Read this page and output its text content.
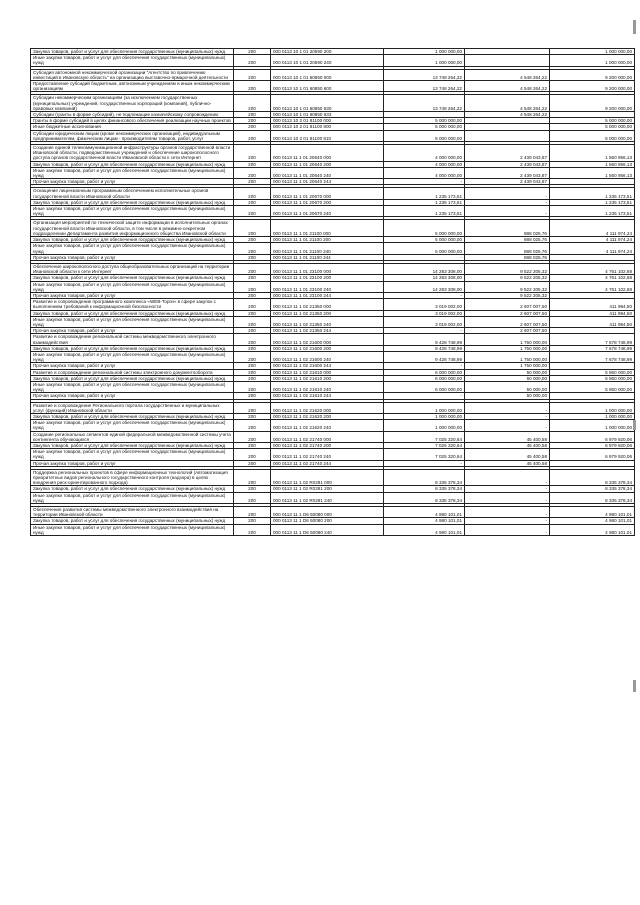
Закупка товаров, работ и услуг для обеспечения государственных (муниципальных) нужд	200	000 0113 10 1 01 20590 200	1 000 000,00		1 000 000,00
Иные закупки товаров, работ и услуг для обеспечения государственных (муниципальных) нужд	200	000 0113 10 1 01 20590 240	1 000 000,00		1 000 000,00

Субсидия автономной некоммерческой организации "Агентство по привлечению инвестиций в Ивановскую область" на организацию выставочно-ярмарочной деятельности	200	000 0113 10 1 01 60850 000	13 748 264,22	4 548 264,22	9 200 000,00
Предоставление субсидий бюджетным, автономным учреждениям и иным некоммерческим организациям	200	000 0113 10 1 01 60850 600	13 748 264,22	4 548 264,22	9 200 000,00

Субсидии некоммерческим организациям (за исключением государственных (муниципальных) учреждений, государственных корпораций (компаний), публично-правовых компаний)	200	000 0113 10 1 01 60850 630	13 748 264,22	4 548 264,22	9 200 000,00
Субсидии (гранты в форме субсидий), не подлежащие казначейскому сопровождению	200	000 0113 10 1 01 60850 633		4 548 264,22	
Гранты в форме субсидий в целях финансового обеспечения реализации научных проектов	200	000 0113 10 2 01 81100 000	5 000 000,00		5 000 000,00
Иные бюджетные ассигнования	200	000 0113 10 2 01 81100 800	5 000 000,00		5 000 000,00
Субсидии юридическим лицам (кроме некоммерческих организаций), индивидуальным предпринимателям, физическим лицам - производителям товаров, работ, услуг	200	000 0113 10 2 01 81100 810	5 000 000,00		5 000 000,00

Создание единой телекоммуникационной инфраструктуры органов государственной власти Ивановской области, подведомственных учреждений и обеспечение широкополосного доступа органов государственной власти Ивановской области к сети Интернет	200	000 0113 11 1 01 20640 000	4 000 000,00	2 439 043,87	1 560 956,13
Закупка товаров, работ и услуг для обеспечения государственных (муниципальных) нужд	200	000 0113 11 1 01 20640 200	4 000 000,00	2 439 043,87	1 560 956,13
Иные закупки товаров, работ и услуг для обеспечения государственных (муниципальных) нужд	200	000 0113 11 1 01 20640 240	4 000 000,00	2 439 043,87	1 560 956,13
Прочая закупка товаров, работ и услуг	200	000 0113 11 1 01 20640 244	-	2 439 043,87	

Оснащение лицензионным программным обеспечением исполнительных органов государственной власти Ивановской области	200	000 0113 11 1 01 20670 000	1 235 173,51	-	1 235 173,51
Закупка товаров, работ и услуг для обеспечения государственных (муниципальных) нужд	200	000 0113 11 1 01 20670 200	1 235 173,51	-	1 235 173,51
Иные закупки товаров, работ и услуг для обеспечения государственных (муниципальных) нужд	200	000 0113 11 1 01 20670 240	1 235 173,51	-	1 235 173,51

Организация мероприятий по технической защите информации в исполнительных органах государственной власти Ивановской области, в том числе в режимно-секретном подразделении Департамента развития информационного общества Ивановской области	200	000 0113 11 1 01 21100 000	5 000 000,00	888 025,76	4 111 974,24
Закупка товаров, работ и услуг для обеспечения государственных (муниципальных) нужд	200	000 0113 11 1 01 21100 200	5 000 000,00	888 025,76	4 111 974,24
Иные закупки товаров, работ и услуг для обеспечения государственных (муниципальных) нужд	200	000 0113 11 1 01 21100 240	5 000 000,00	888 025,76	4 111 974,24
Прочая закупка товаров, работ и услуг	200	000 0113 11 1 01 21100 244	-	888 025,76	

Обеспечение широкополосного доступа общеобразовательных организаций на территории Ивановской области к сети Интернет	200	000 0113 11 1 01 23100 000	14 283 308,00	9 522 205,32	4 761 102,68
Закупка товаров, работ и услуг для обеспечения государственных (муниципальных) нужд	200	000 0113 11 1 01 23100 200	14 283 308,00	9 522 205,32	4 761 102,68
Иные закупки товаров, работ и услуг для обеспечения государственных (муниципальных) нужд	200	000 0113 11 1 01 23100 240	14 283 308,00	9 522 205,32	4 761 102,68
Прочая закупка товаров, работ и услуг	200	000 0113 11 1 01 23100 244	-	9 522 205,32	
Развитие и сопровождение программного комплекса «WEB-Торги» в сфере закупок с выполнением требований к информационной безопасности	200	000 0113 11 1 02 21350 000	3 019 002,00	2 607 007,50	411 994,50
Закупка товаров, работ и услуг для обеспечения государственных (муниципальных) нужд	200	000 0113 11 1 02 21350 200	3 019 002,00	2 607 007,50	411 994,50
Иные закупки товаров, работ и услуг для обеспечения государственных (муниципальных) нужд	200	000 0113 11 1 02 21350 240	3 019 002,00	2 607 007,50	411 994,50
Прочая закупка товаров, работ и услуг	200	000 0113 11 1 02 21350 244	-	2 607 007,50	
Развитие и сопровождение региональной системы межведомственного электронного взаимодействия	200	000 0113 11 1 02 21600 000	9 428 748,99	1 750 000,00	7 678 748,99
Закупка товаров, работ и услуг для обеспечения государственных (муниципальных) нужд	200	000 0113 11 1 02 21600 200	9 428 748,99	1 750 000,00	7 678 748,99
Иные закупки товаров, работ и услуг для обеспечения государственных (муниципальных) нужд	200	000 0113 11 1 02 21600 240	9 428 748,99	1 750 000,00	7 678 748,99
Прочая закупка товаров, работ и услуг	200	000 0113 11 1 02 21600 244	-	1 750 000,00	
Развитие и сопровождение региональной системы электронного документооборота	200	000 0113 11 1 02 21610 000	6 000 000,00	50 000,00	5 950 000,00
Закупка товаров, работ и услуг для обеспечения государственных (муниципальных) нужд	200	000 0113 11 1 02 21610 200	6 000 000,00	50 000,00	5 950 000,00
Иные закупки товаров, работ и услуг для обеспечения государственных (муниципальных) нужд	200	000 0113 11 1 02 21610 240	6 000 000,00	50 000,00	5 950 000,00
Прочая закупка товаров, работ и услуг	200	000 0113 11 1 02 21610 244	-	50 000,00	

Развитие и сопровождение Регионального портала государственных и муниципальных услуг (функций) Ивановской области	200	000 0113 11 1 02 21620 000	1 000 000,00	-	1 000 000,00
Закупка товаров, работ и услуг для обеспечения государственных (муниципальных) нужд	200	000 0113 11 1 02 21620 200	1 000 000,00	-	1 000 000,00
Иные закупки товаров, работ и услуг для обеспечения государственных (муниципальных) нужд	200	000 0113 11 1 02 21620 240	1 000 000,00	-	1 000 000,00
Создание региональных сегментов единой федеральной межведомственной системы учета контингента обучающихся	200	000 0113 11 1 02 21740 000	7 025 320,64	45 400,58	6 979 920,06
Закупка товаров, работ и услуг для обеспечения государственных (муниципальных) нужд	200	000 0113 11 1 02 21740 200	7 025 320,64	45 400,58	6 979 920,06
Иные закупки товаров, работ и услуг для обеспечения государственных (муниципальных) нужд	200	000 0113 11 1 02 21740 240	7 025 320,64	45 400,58	6 979 920,06
Прочая закупка товаров, работ и услуг	200	000 0113 11 1 02 21740 244	-	45 400,58	

Поддержка региональных проектов в сфере информационных технологий (Автоматизация приоритетных видов регионального государственного контроля (надзора) в целях внедрения риск-ориентированного подхода)	200	000 0113 11 1 02 R0281 000	8 335 378,34	-	8 335 378,34
Закупка товаров, работ и услуг для обеспечения государственных (муниципальных) нужд	200	000 0113 11 1 02 R0281 200	8 335 378,34	-	8 335 378,34
Иные закупки товаров, работ и услуг для обеспечения государственных (муниципальных) нужд	200	000 0113 11 1 02 R0281 240	8 335 378,34	-	8 335 378,34

Обеспечение развития системы межведомственного электронного взаимодействия на территории Ивановской области	200	000 0113 11 1 D6 50080 000	4 980 101,01	-	4 980 101,01
Закупка товаров, работ и услуг для обеспечения государственных (муниципальных) нужд	200	000 0113 11 1 D6 50080 200	4 980 101,01	-	4 980 101,01
Иные закупки товаров, работ и услуг для обеспечения государственных (муниципальных) нужд	200	000 0113 11 1 D6 50080 240	4 980 101,01	-	4 980 101,01
